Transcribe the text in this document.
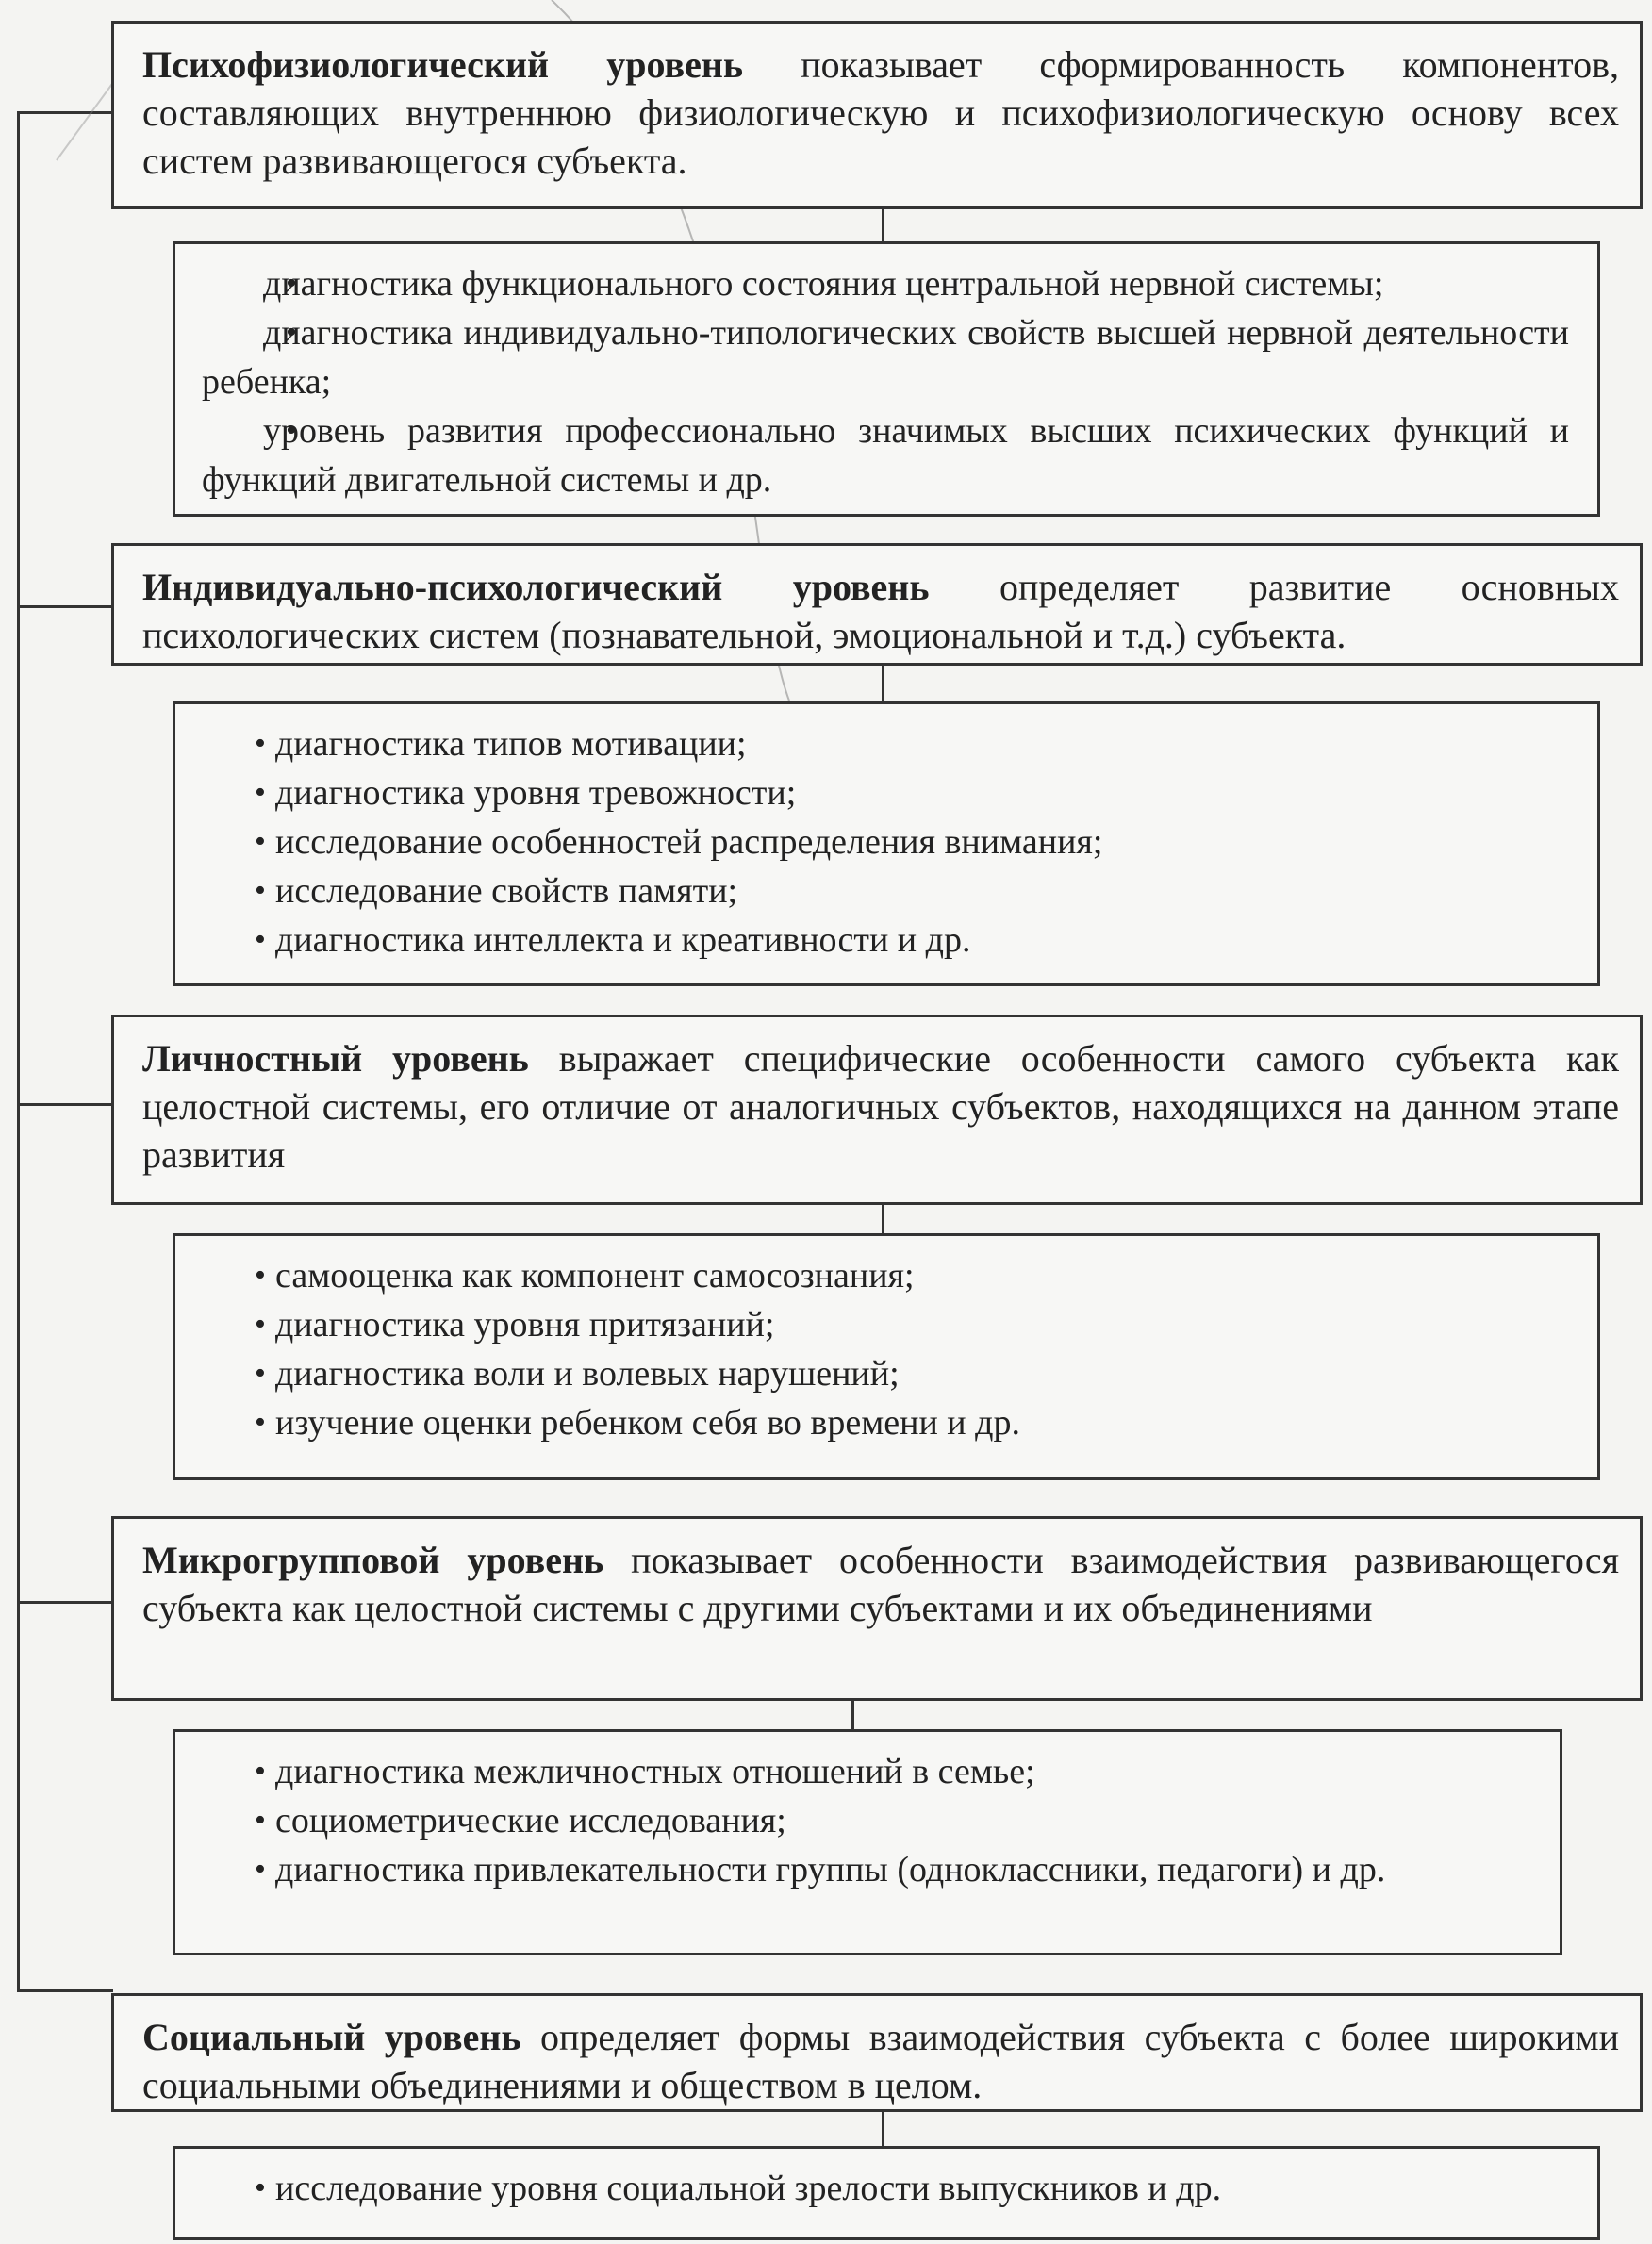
Психофизиологический уровень показывает сформированность компонентов, составляющих внутреннюю физиологическую и психофизиологическую основу всех систем развивающегося субъекта.
• диагностика функционального состояния центральной нервной системы;
• диагностика индивидуально-типологических свойств высшей нервной деятельности ребенка;
• уровень развития профессионально значимых высших психических функций и функций двигательной системы и др.
Индивидуально-психологический уровень определяет развитие основных психологических систем (познавательной, эмоциональной и т.д.) субъекта.
• диагностика типов мотивации;
• диагностика уровня тревожности;
• исследование особенностей распределения внимания;
• исследование свойств памяти;
• диагностика интеллекта и креативности и др.
Личностный уровень выражает специфические особенности самого субъекта как целостной системы, его отличие от аналогичных субъектов, находящихся на данном этапе развития
• самооценка как компонент самосознания;
• диагностика уровня притязаний;
• диагностика воли и волевых нарушений;
• изучение оценки ребенком себя во времени и др.
Микрогрупповой уровень показывает особенности взаимодействия развивающегося субъекта как целостной системы с другими субъектами и их объединениями
• диагностика межличностных отношений в семье;
• социометрические исследования;
• диагностика привлекательности группы (одноклассники, педагоги) и др.
Социальный уровень определяет формы взаимодействия субъекта с более широкими социальными объединениями и обществом в целом.
• исследование уровня социальной зрелости выпускников и др.
